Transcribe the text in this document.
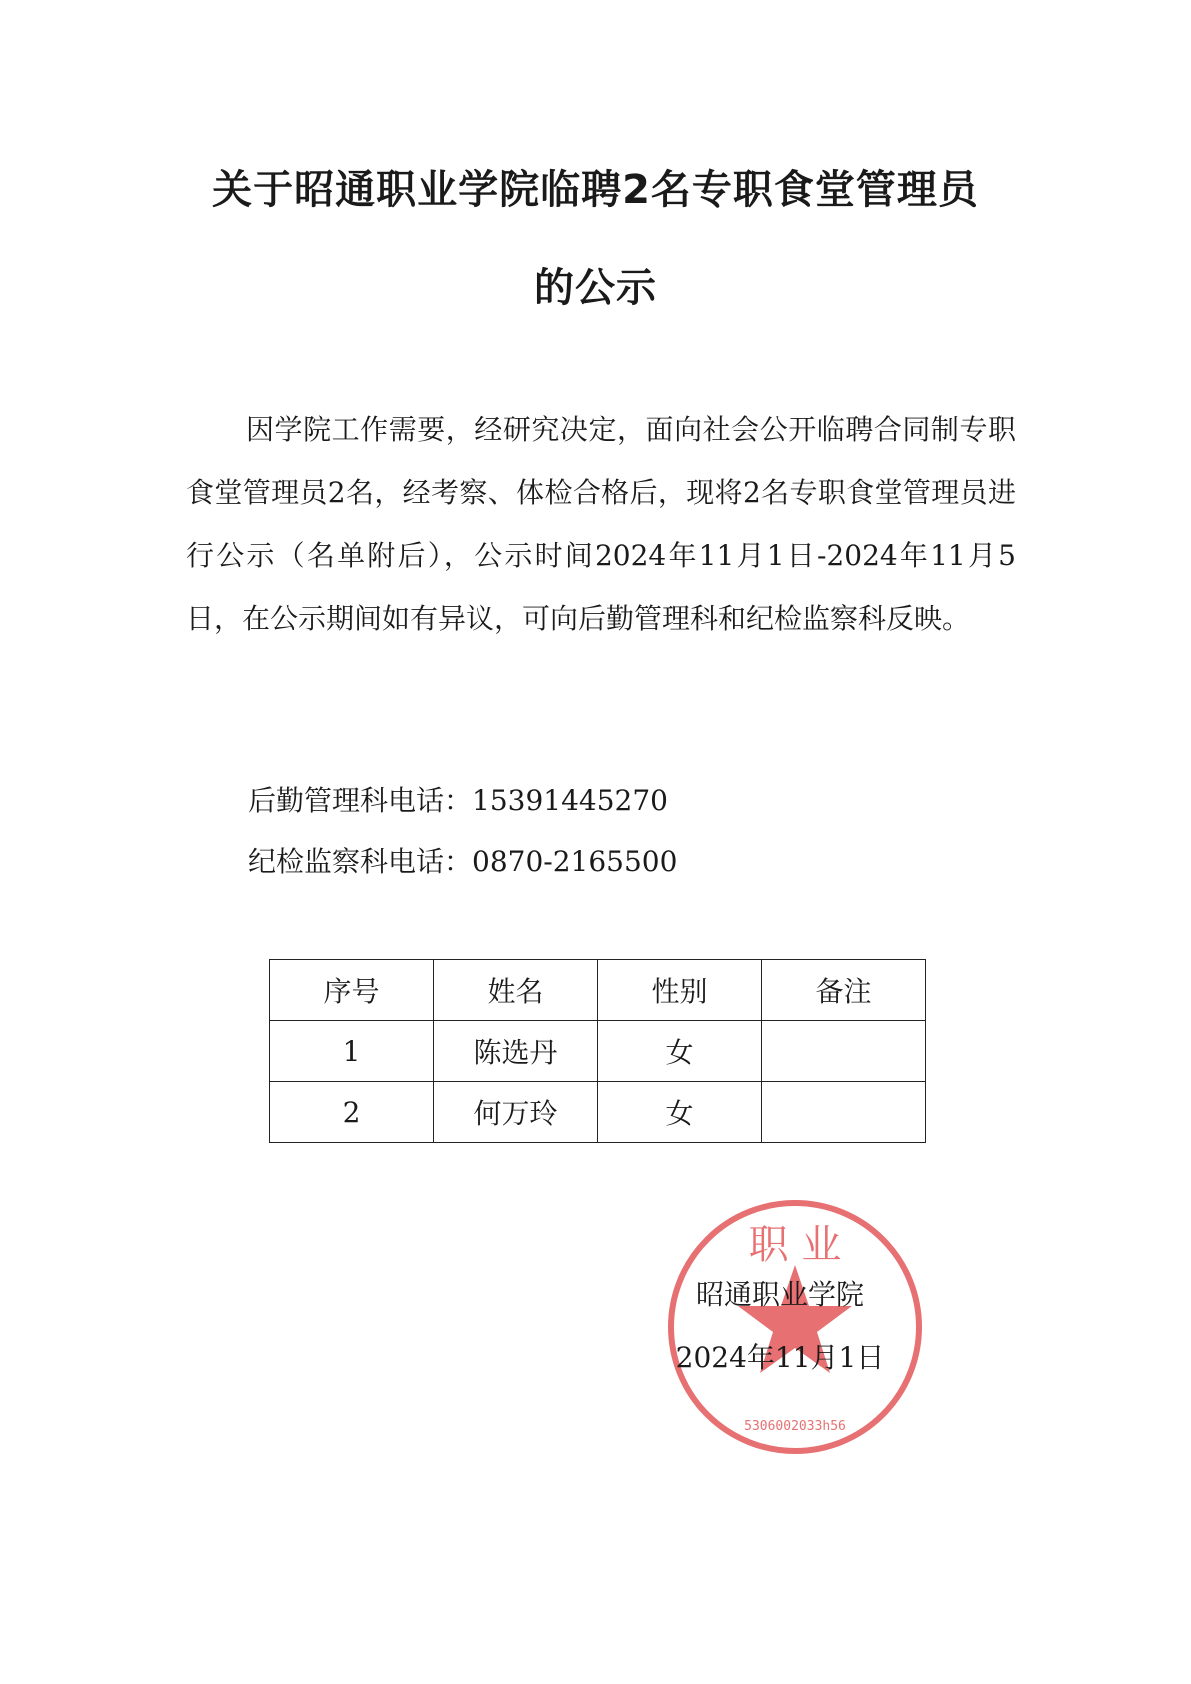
关于昭通职业学院临聘2名专职食堂管理员
的公示

因学院工作需要，经研究决定，面向社会公开临聘合同制专职食堂管理员2名，经考察、体检合格后，现将2名专职食堂管理员进行公示（名单附后），公示时间2024年11月1日-2024年11月5日，在公示期间如有异议，可向后勤管理科和纪检监察科反映。

后勤管理科电话：15391445270
纪检监察科电话：0870-2165500
序号	姓名	性别	备注
1	陈选丹	女	
2	何万玲	女	
职 业
5306002033h56
昭通职业学院
2024年11月1日
